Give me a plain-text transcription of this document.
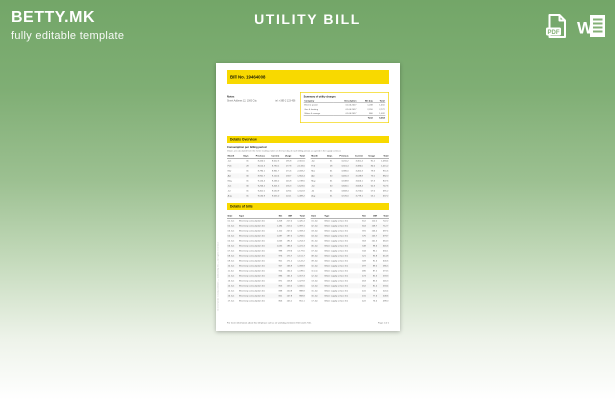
BETTY.MK
fully editable template
UTILITY BILL
PDF W
Bill No. 19464008
Notes
Street Address 12, 1000 City	tel: +389 2 123 456
Summary of utility charges
Company	Description	Net buy	Total
Electric power	01.06.2017	1,208	1,450
Gas & heating	01.06.2017	2,310	2,772
Water & sewage	01.06.2017	860	1,032
		Total	5,254
Details Overview
Consumption per billing period
Values are calculated from the meter readings taken on the last day of each billing period, as agreed in the supply contract.
Month	Days	Previous	Current	Usage	Total
Jan	31	8,420.5	8,612.3	191.8	2,301.6
Feb	28	8,612.3	8,790.1	177.8	2,133.6
Mar	31	8,790.1	8,961.7	171.6	2,059.2
Apr	30	8,961.7	9,120.4	158.7	1,904.4
May	31	9,120.4	9,266.2	145.8	1,749.6
Jun	30	9,266.2	9,401.5	135.3	1,623.6
Jul	31	9,401.5	9,530.9	129.4	1,552.8
Aug	31	9,530.9	9,655.0	124.1	1,489.2
Month	Days	Previous	Current	Usage	Total
Jan	31	3,210.2	3,301.4	91.2	1,094.4
Feb	28	3,301.4	3,386.0	84.6	1,015.2
Mar	31	3,386.0	3,465.3	79.3	951.6
Apr	30	3,465.3	3,538.8	73.5	882.0
May	31	3,538.8	3,606.1	67.3	807.6
Jun	30	3,606.1	3,668.4	62.3	747.6
Jul	31	3,668.4	3,726.0	57.6	691.2
Aug	31	3,726.0	3,779.1	53.1	637.2
Details of bills
Date	Type	Net	VAT	Total
01 Jun	Electricity consumption fee	1,208	217.4	1,425.4
02 Jun	Electricity consumption fee	1,184	213.1	1,397.1
03 Jun	Electricity consumption fee	1,152	207.4	1,359.4
04 Jun	Electricity consumption fee	1,097	197.5	1,294.5
05 Jun	Electricity consumption fee	1,063	191.3	1,254.3
06 Jun	Electricity consumption fee	1,035	186.3	1,221.3
07 Jun	Electricity consumption fee	998	179.6	1,177.6
08 Jun	Electricity consumption fee	976	175.7	1,151.7
09 Jun	Electricity consumption fee	951	171.2	1,122.2
10 Jun	Electricity consumption fee	927	166.9	1,093.9
11 Jun	Electricity consumption fee	914	164.5	1,078.5
12 Jun	Electricity consumption fee	896	161.3	1,057.3
13 Jun	Electricity consumption fee	871	156.8	1,027.8
14 Jun	Electricity consumption fee	853	153.5	1,006.5
15 Jun	Electricity consumption fee	838	150.8	988.8
16 Jun	Electricity consumption fee	821	147.8	968.8
17 Jun	Electricity consumption fee	806	145.1	951.1
Date	Type	Net	VAT	Total
01 Jun	Water supply service fee	612	110.2	722.2
02 Jun	Water supply service fee	604	108.7	712.7
03 Jun	Water supply service fee	591	106.4	697.4
04 Jun	Water supply service fee	576	103.7	679.7
05 Jun	Water supply service fee	563	101.3	664.3
06 Jun	Water supply service fee	548	98.6	646.6
07 Jun	Water supply service fee	534	96.1	630.1
08 Jun	Water supply service fee	521	93.8	614.8
09 Jun	Water supply service fee	509	91.6	600.6
10 Jun	Water supply service fee	497	89.5	586.5
11 Jun	Water supply service fee	486	87.5	573.5
12 Jun	Water supply service fee	474	85.3	559.3
13 Jun	Water supply service fee	463	83.3	546.3
14 Jun	Water supply service fee	452	81.4	533.4
15 Jun	Water supply service fee	441	79.4	520.4
16 Jun	Water supply service fee	431	77.6	508.6
17 Jun	Water supply service fee	422	76.0	498.0
For more information about this bill please call us on workdays between 8:00 and 17:00.	Page 1 of 1
This template is fully editable — www.betty.mk — all rights reserved
